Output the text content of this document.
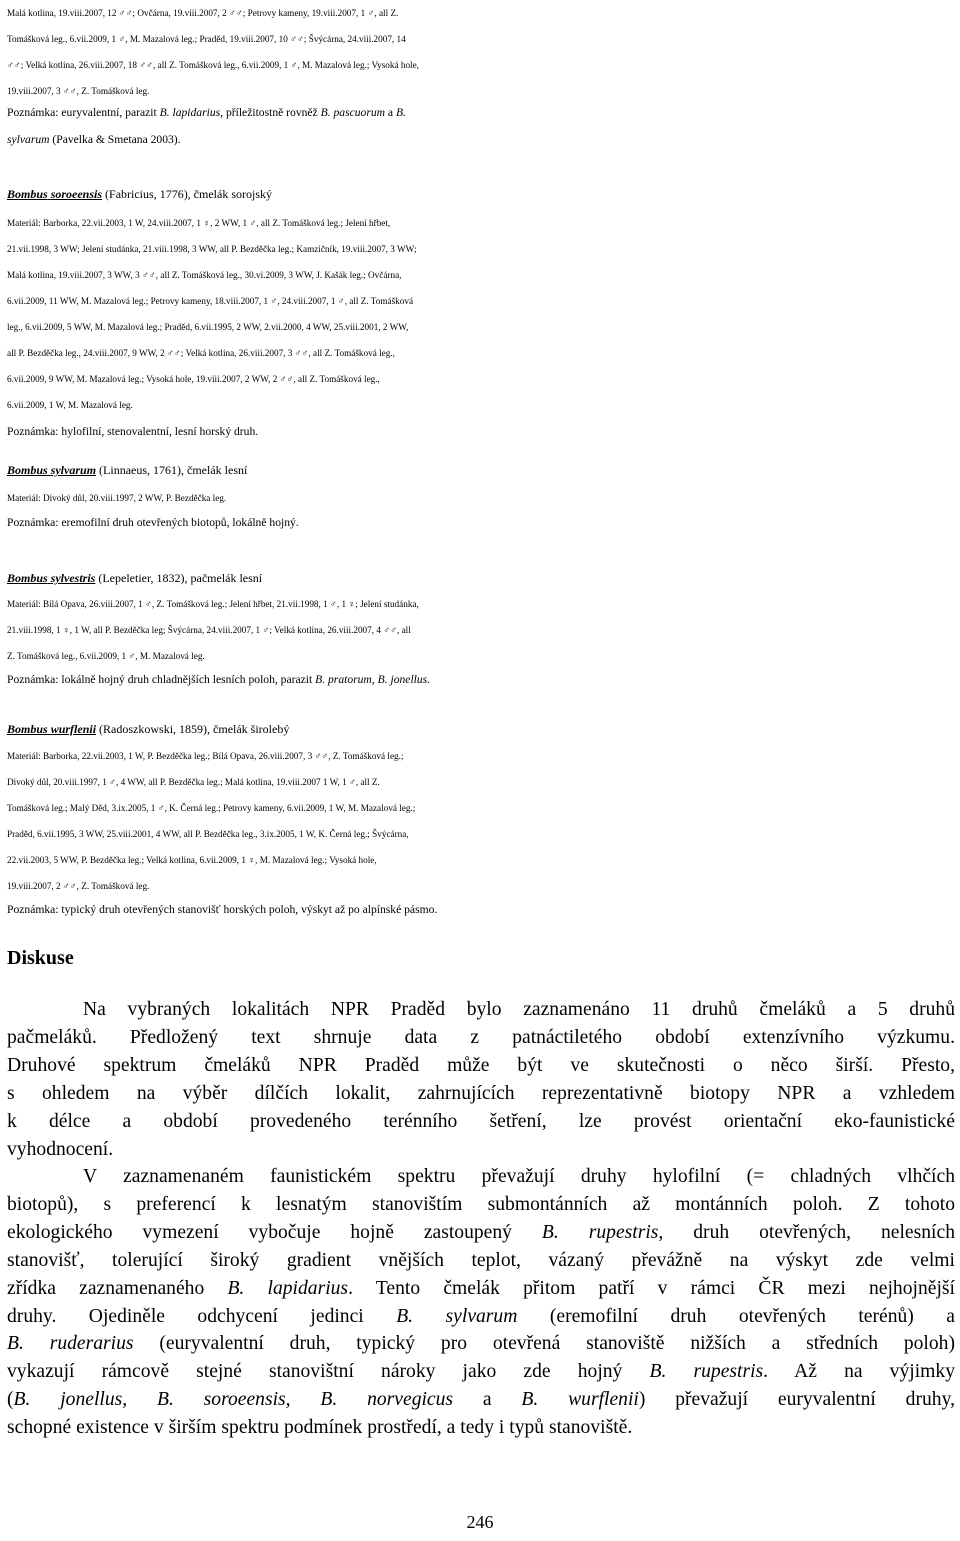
Malá kotlina, 19.viii.2007, 12 ♂♂; Ovčárna, 19.viii.2007, 2 ♂♂; Petrovy kameny, 19.viii.2007, 1 ♂, all Z.
Tomášková leg., 6.vii.2009, 1 ♂, M. Mazalová leg.; Praděd, 19.viii.2007, 10 ♂♂; Švýcárna, 24.viii.2007, 14
♂♂; Velká kotlina, 26.viii.2007, 18 ♂♂, all Z. Tomášková leg., 6.vii.2009, 1 ♂, M. Mazalová leg.; Vysoká hole,
19.viii.2007, 3 ♂♂, Z. Tomášková leg.
Poznámka: euryvalentní, parazit B. lapidarius, příležitostně rovněž B. pascuorum a B.
sylvarum (Pavelka & Smetana 2003).
Bombus soroeensis (Fabricius, 1776), čmelák sorojský
Materiál: Barborka, 22.vii.2003, 1 W, 24.viii.2007, 1 ♀, 2 WW, 1 ♂, all Z. Tomášková leg.; Jelení hřbet,
21.vii.1998, 3 WW; Jelení studánka, 21.viii.1998, 3 WW, all P. Bezděčka leg.; Kamzičník, 19.viii.2007, 3 WW;
Malá kotlina, 19.viii.2007, 3 WW, 3 ♂♂, all Z. Tomášková leg., 30.vi.2009, 3 WW, J. Kašák leg.; Ovčárna,
6.vii.2009, 11 WW, M. Mazalová leg.; Petrovy kameny, 18.viii.2007, 1 ♂, 24.viii.2007, 1 ♂, all Z. Tomášková
leg., 6.vii.2009, 5 WW, M. Mazalová leg.; Praděd, 6.vii.1995, 2 WW, 2.vii.2000, 4 WW, 25.viii.2001, 2 WW,
all P. Bezděčka leg., 24.viii.2007, 9 WW, 2 ♂♂; Velká kotlina, 26.viii.2007, 3 ♂♂, all Z. Tomášková leg.,
6.vii.2009, 9 WW, M. Mazalová leg.; Vysoká hole, 19.viii.2007, 2 WW, 2 ♂♂, all Z. Tomášková leg.,
6.vii.2009, 1 W, M. Mazalová leg.
Poznámka: hylofilní, stenovalentní, lesní horský druh.
Bombus sylvarum (Linnaeus, 1761), čmelák lesní
Materiál: Divoký důl, 20.viii.1997, 2 WW, P. Bezděčka leg.
Poznámka: eremofilní druh otevřených biotopů, lokálně hojný.
Bombus sylvestris (Lepeletier, 1832), pačmelák lesní
Materiál: Bílá Opava, 26.viii.2007, 1 ♂, Z. Tomášková leg.; Jelení hřbet, 21.vii.1998, 1 ♂, 1 ♀; Jelení studánka,
21.viii.1998, 1 ♀, 1 W, all P. Bezděčka leg; Švýcárna, 24.viii.2007, 1 ♂; Velká kotlina, 26.viii.2007, 4 ♂♂, all
Z. Tomášková leg., 6.vii.2009, 1 ♂, M. Mazalová leg.
Poznámka: lokálně hojný druh chladnějších lesních poloh, parazit B. pratorum, B. jonellus.
Bombus wurflenii (Radoszkowski, 1859), čmelák širolebý
Materiál: Barborka, 22.vii.2003, 1 W, P. Bezděčka leg.; Bílá Opava, 26.viii.2007, 3 ♂♂, Z. Tomášková leg.;
Divoký důl, 20.viii.1997, 1 ♂, 4 WW, all P. Bezděčka leg.; Malá kotlina, 19.viii.2007 1 W, 1 ♂, all Z.
Tomášková leg.; Malý Děd, 3.ix.2005, 1 ♂, K. Černá leg.; Petrovy kameny, 6.vii.2009, 1 W, M. Mazalová leg.;
Praděd, 6.vii.1995, 3 WW, 25.viii.2001, 4 WW, all P. Bezděčka leg., 3.ix.2005, 1 W, K. Černá leg.; Švýcárna,
22.vii.2003, 5 WW, P. Bezděčka leg.; Velká kotlina, 6.vii.2009, 1 ♀, M. Mazalová leg.; Vysoká hole,
19.viii.2007, 2 ♂♂, Z. Tomášková leg.
Poznámka: typický druh otevřených stanovišť horských poloh, výskyt až po alpínské pásmo.
Diskuse
Na vybraných lokalitách NPR Praděd bylo zaznamenáno 11 druhů čmeláků a 5 druhů
pačmeláků. Předložený text shrnuje data z patnáctiletého období extenzívního výzkumu.
Druhové spektrum čmeláků NPR Praděd může být ve skutečnosti o něco širší. Přesto,
s ohledem na výběr dílčích lokalit, zahrnujících reprezentativně biotopy NPR a vzhledem
k délce a období provedeného terénního šetření, lze provést orientační eko-faunistické
vyhodnocení.
V zaznamenaném faunistickém spektru převažují druhy hylofilní (= chladných vlhčích
biotopů), s preferencí k lesnatým stanovištím submontánních až montánních poloh. Z tohoto
ekologického vymezení vybočuje hojně zastoupený B. rupestris, druh otevřených, nelesních
stanovišť, tolerující široký gradient vnějších teplot, vázaný převážně na výskyt zde velmi
zřídka zaznamenaného B. lapidarius. Tento čmelák přitom patří v rámci ČR mezi nejhojnější
druhy. Ojediněle odchycení jedinci B. sylvarum (eremofilní druh otevřených terénů) a
B. ruderarius (euryvalentní druh, typický pro otevřená stanoviště nižších a středních poloh)
vykazují rámcově stejné stanovištní nároky jako zde hojný B. rupestris. Až na výjimky
(B. jonellus, B. soroeensis, B. norvegicus a B. wurflenii) převažují euryvalentní druhy,
schopné existence v širším spektru podmínek prostředí, a tedy i typů stanoviště.
246
